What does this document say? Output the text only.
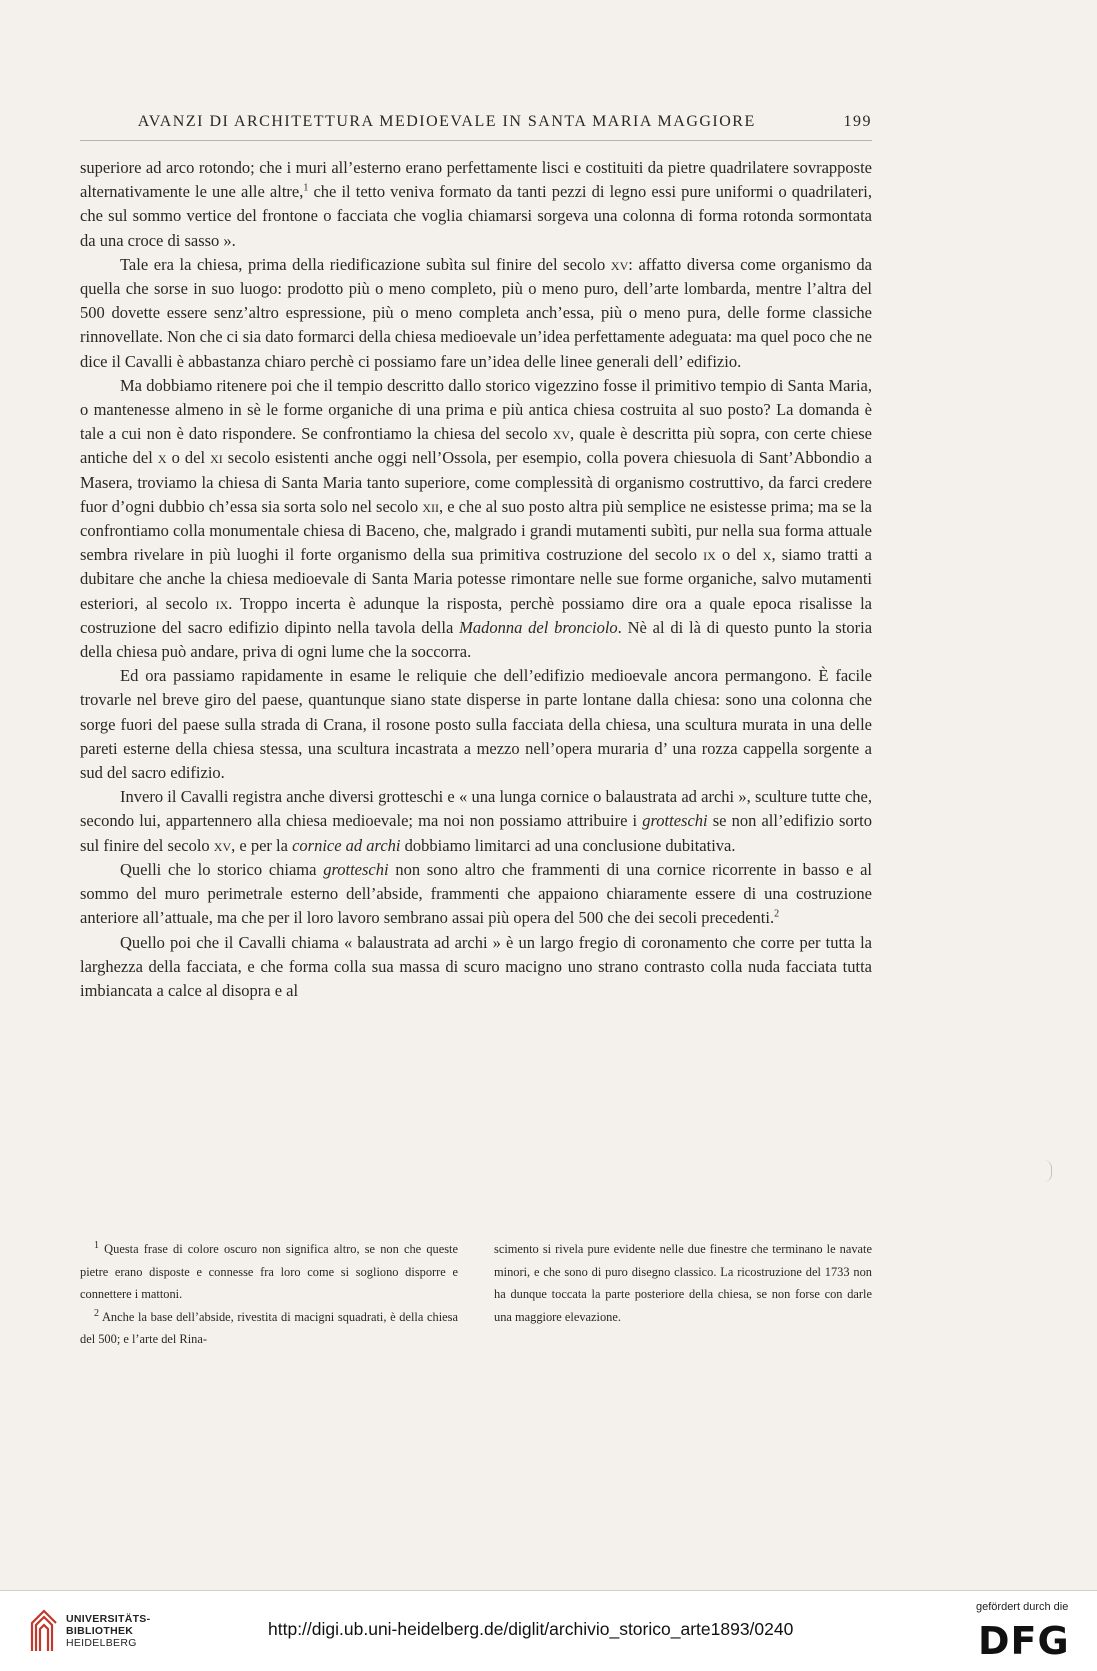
AVANZI DI ARCHITETTURA MEDIOEVALE IN SANTA MARIA MAGGIORE	199

superiore ad arco rotondo; che i muri all’esterno erano perfettamente lisci e costituiti da pietre quadrilatere sovrapposte alternativamente le une alle altre,$^1$ che il tetto veniva formato da tanti pezzi di legno essi pure uniformi o quadrilateri, che sul sommo vertice del frontone o facciata che voglia chiamarsi sorgeva una colonna di forma rotonda sormontata da una croce di sasso ».

Tale era la chiesa, prima della riedificazione subìta sul finire del secolo xv: affatto diversa come organismo da quella che sorse in suo luogo: prodotto più o meno completo, più o meno puro, dell’arte lombarda, mentre l’altra del 500 dovette essere senz’altro espressione, più o meno completa anch’essa, più o meno pura, delle forme classiche rinnovellate. Non che ci sia dato formarci della chiesa medioevale un’idea perfettamente adeguata: ma quel poco che ne dice il Cavalli è abbastanza chiaro perchè ci possiamo fare un’idea delle linee generali dell’ edifizio.

Ma dobbiamo ritenere poi che il tempio descritto dallo storico vigezzino fosse il primitivo tempio di Santa Maria, o mantenesse almeno in sè le forme organiche di una prima e più antica chiesa costruita al suo posto? La domanda è tale a cui non è dato rispondere. Se confrontiamo la chiesa del secolo xv, quale è descritta più sopra, con certe chiese antiche del x o del xi secolo esistenti anche oggi nell’Ossola, per esempio, colla povera chiesuola di Sant’Abbondio a Masera, troviamo la chiesa di Santa Maria tanto superiore, come complessità di organismo costruttivo, da farci credere fuor d’ogni dubbio ch’essa sia sorta solo nel secolo xii, e che al suo posto altra più semplice ne esistesse prima; ma se la confrontiamo colla monumentale chiesa di Baceno, che, malgrado i grandi mutamenti subìti, pur nella sua forma attuale sembra rivelare in più luoghi il forte organismo della sua primitiva costruzione del secolo ix o del x, siamo tratti a dubitare che anche la chiesa medioevale di Santa Maria potesse rimontare nelle sue forme organiche, salvo mutamenti esteriori, al secolo ix. Troppo incerta è adunque la risposta, perchè possiamo dire ora a quale epoca risalisse la costruzione del sacro edifizio dipinto nella tavola della Madonna del bronciolo. Nè al di là di questo punto la storia della chiesa può andare, priva di ogni lume che la soccorra.

Ed ora passiamo rapidamente in esame le reliquie che dell’edifizio medioevale ancora permangono. È facile trovarle nel breve giro del paese, quantunque siano state disperse in parte lontane dalla chiesa: sono una colonna che sorge fuori del paese sulla strada di Crana, il rosone posto sulla facciata della chiesa, una scultura murata in una delle pareti esterne della chiesa stessa, una scultura incastrata a mezzo nell’opera muraria d’ una rozza cappella sorgente a sud del sacro edifizio.

Invero il Cavalli registra anche diversi grotteschi e « una lunga cornice o balaustrata ad archi », sculture tutte che, secondo lui, appartennero alla chiesa medioevale; ma noi non possiamo attribuire i grotteschi se non all’edifizio sorto sul finire del secolo xv, e per la cornice ad archi dobbiamo limitarci ad una conclusione dubitativa.

Quelli che lo storico chiama grotteschi non sono altro che frammenti di una cornice ricorrente in basso e al sommo del muro perimetrale esterno dell’abside, frammenti che appaiono chiaramente essere di una costruzione anteriore all’attuale, ma che per il loro lavoro sembrano assai più opera del 500 che dei secoli precedenti.$^2$

Quello poi che il Cavalli chiama « balaustrata ad archi » è un largo fregio di coronamento che corre per tutta la larghezza della facciata, e che forma colla sua massa di scuro macigno uno strano contrasto colla nuda facciata tutta imbiancata a calce al disopra e al

$^1$ Questa frase di colore oscuro non significa altro, se non che queste pietre erano disposte e connesse fra loro come si sogliono disporre e connettere i mattoni.

$^2$ Anche la base dell’abside, rivestita di macigni squadrati, è della chiesa del 500; e l’arte del Rina-

scimento si rivela pure evidente nelle due finestre che terminano le navate minori, e che sono di puro disegno classico. La ricostruzione del 1733 non ha dunque toccata la parte posteriore della chiesa, se non forse con darle una maggiore elevazione.

UNIVERSITÄTS-
BIBLIOTHEK
HEIDELBERG
http://digi.ub.uni-heidelberg.de/diglit/archivio_storico_arte1893/0240
gefördert durch die
DFG
